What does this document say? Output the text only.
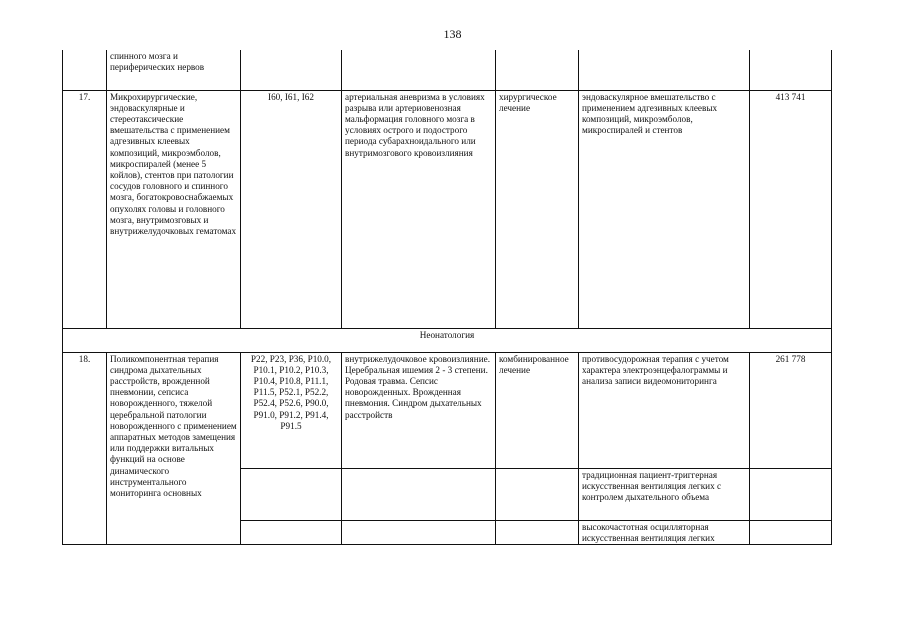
138
	спинного мозга и периферических нервов					
17.	Микрохирургические, эндоваскулярные и стереотаксические вмешательства с применением адгезивных клеевых композиций, микроэмболов, микроспиралей (менее 5 койлов), стентов при патологии сосудов головного и спинного мозга, богатокровоснабжаемых опухолях головы и головного мозга, внутримозговых и внутрижелудочковых гематомах	I60, I61, I62	артериальная аневризма в условиях разрыва или артериовенозная мальформация головного мозга в условиях острого и подострого периода субарахноидального или внутримозгового кровоизлияния	хирургическое лечение	эндоваскулярное вмешательство с применением адгезивных клеевых композиций, микроэмболов, микроспиралей и стентов	413 741
Неонатология						
18.	Поликомпонентная терапия синдрома дыхательных расстройств, врожденной пневмонии, сепсиса новорожденного, тяжелой церебральной патологии новорожденного с применением аппаратных методов замещения или поддержки витальных функций на основе динамического инструментального мониторинга основных	P22, P23, P36, P10.0, P10.1, P10.2, P10.3, P10.4, P10.8, P11.1, P11.5, P52.1, P52.2, P52.4, P52.6, P90.0, P91.0, P91.2, P91.4, P91.5	внутрижелудочковое кровоизлияние. Церебральная ишемия 2 - 3 степени. Родовая травма. Сепсис новорожденных. Врожденная пневмония. Синдром дыхательных расстройств	комбинированное лечение	противосудорожная терапия с учетом характера электроэнцефалограммы и анализа записи видеомониторинга	261 778
					традиционная пациент-триггерная искусственная вентиляция легких с контролем дыхательного объема	
					высокочастотная осцилляторная искусственная вентиляция легких	
